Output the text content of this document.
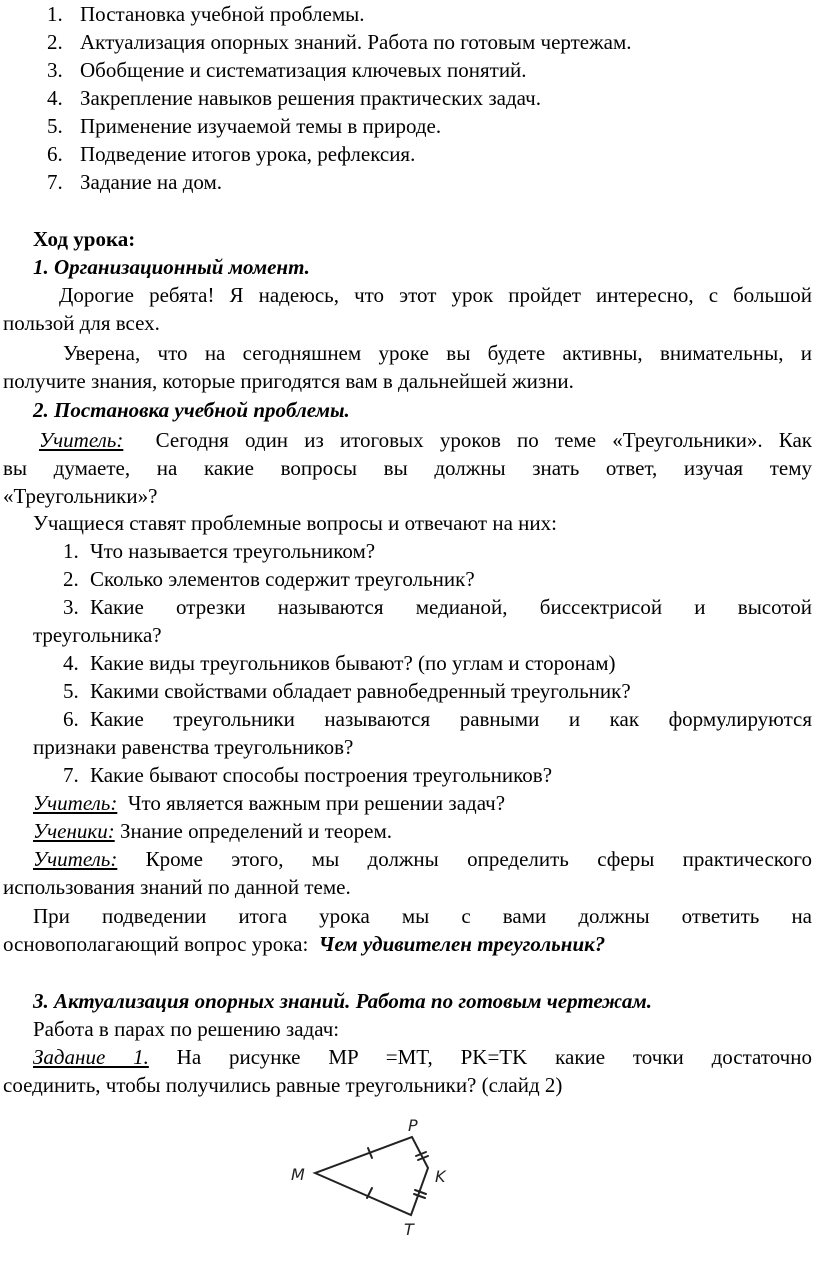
1. Постановка учебной проблемы.
2. Актуализация опорных знаний. Работа по готовым чертежам.
3. Обобщение и систематизация ключевых понятий.
4. Закрепление навыков решения практических задач.
5. Применение изучаемой темы в природе.
6. Подведение итогов урока, рефлексия.
7. Задание на дом.
Ход урока:
1. Организационный момент.
Дорогие ребята! Я надеюсь, что этот урок пройдет интересно, с большой
пользой для всех.
Уверена, что на сегодняшнем уроке вы будете активны, внимательны, и
получите знания, которые пригодятся вам в дальнейшей жизни.
2. Постановка учебной проблемы.
Учитель: Сегодня один из итоговых уроков по теме «Треугольники». Как
вы думаете, на какие вопросы вы должны знать ответ, изучая тему
«Треугольники»?
Учащиеся ставят проблемные вопросы и отвечают на них:
1. Что называется треугольником?
2. Сколько элементов содержит треугольник?
3. Какие отрезки называются медианой, биссектрисой и высотой
треугольника?
4. Какие виды треугольников бывают? (по углам и сторонам)
5. Какими свойствами обладает равнобедренный треугольник?
6. Какие треугольники называются равными и как формулируются
признаки равенства треугольников?
7. Какие бывают способы построения треугольников?
Учитель: Что является важным при решении задач?
Ученики: Знание определений и теорем.
Учитель: Кроме этого, мы должны определить сферы практического
использования знаний по данной теме.
При подведении итога урока мы с вами должны ответить на
основополагающий вопрос урока: Чем удивителен треугольник?
3. Актуализация опорных знаний. Работа по готовым чертежам.
Работа в парах по решению задач:
Задание 1. На рисунке MP =MT, PK=TK какие точки достаточно
соединить, чтобы получились равные треугольники? (слайд 2)
P
M	K
T
